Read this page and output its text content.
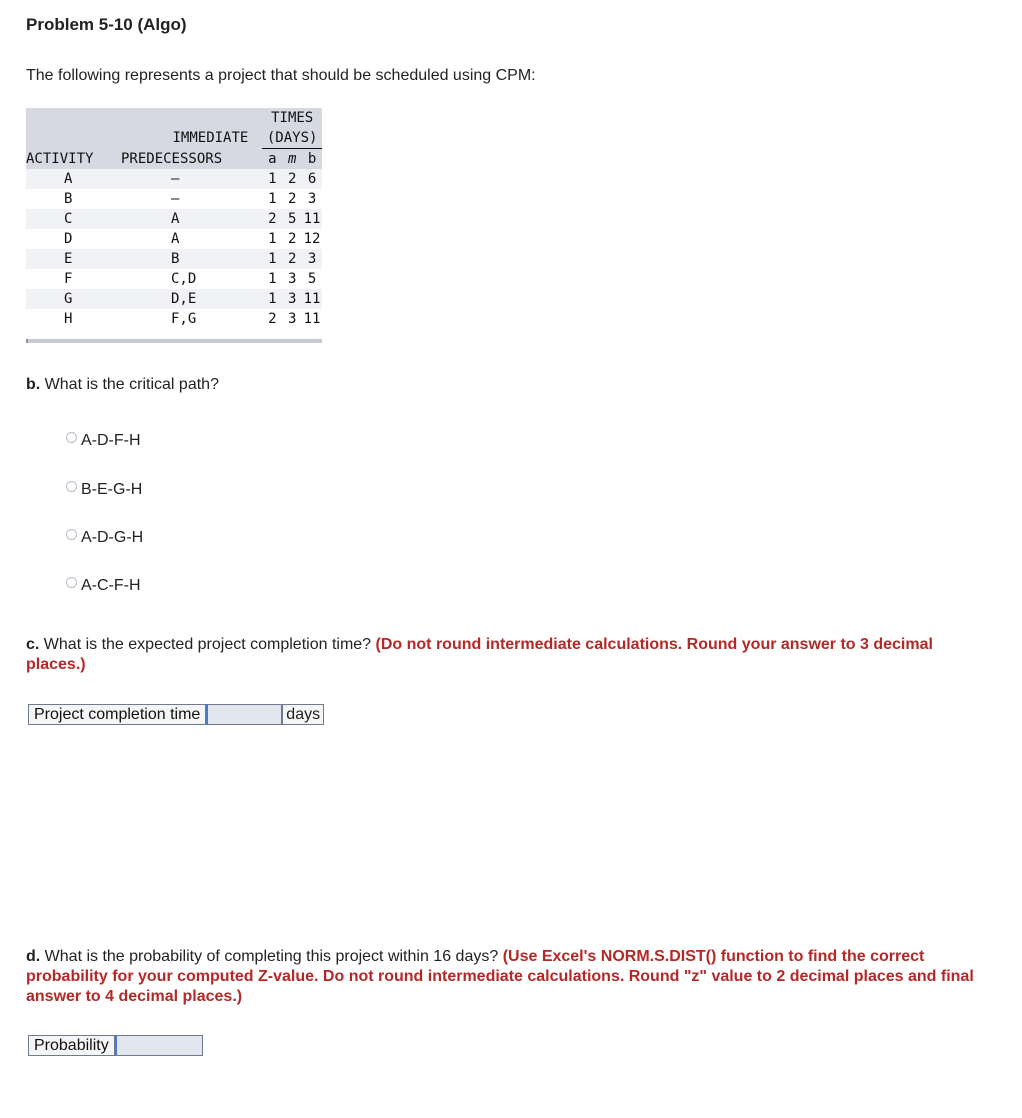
Problem 5-10 (Algo)
The following represents a project that should be scheduled using CPM:
		TIMES		
IMMEDIATE		(DAYS)		
ACTIVITY	PREDECESSORS	a	m	b
A	—	1	2	6
B	—	1	2	3
C	A	2	5	11
D	A	1	2	12
E	B	1	2	3
F	C,D	1	3	5
G	D,E	1	3	11
H	F,G	2	3	11
b. What is the critical path?
A-D-F-H
B-E-G-H
A-D-G-H
A-C-F-H
c. What is the expected project completion time? (Do not round intermediate calculations. Round your answer to 3 decimal places.)
Project completion time	days
d. What is the probability of completing this project within 16 days? (Use Excel's NORM.S.DIST() function to find the correct probability for your computed Z-value. Do not round intermediate calculations. Round "z" value to 2 decimal places and final answer to 4 decimal places.)
Probability
